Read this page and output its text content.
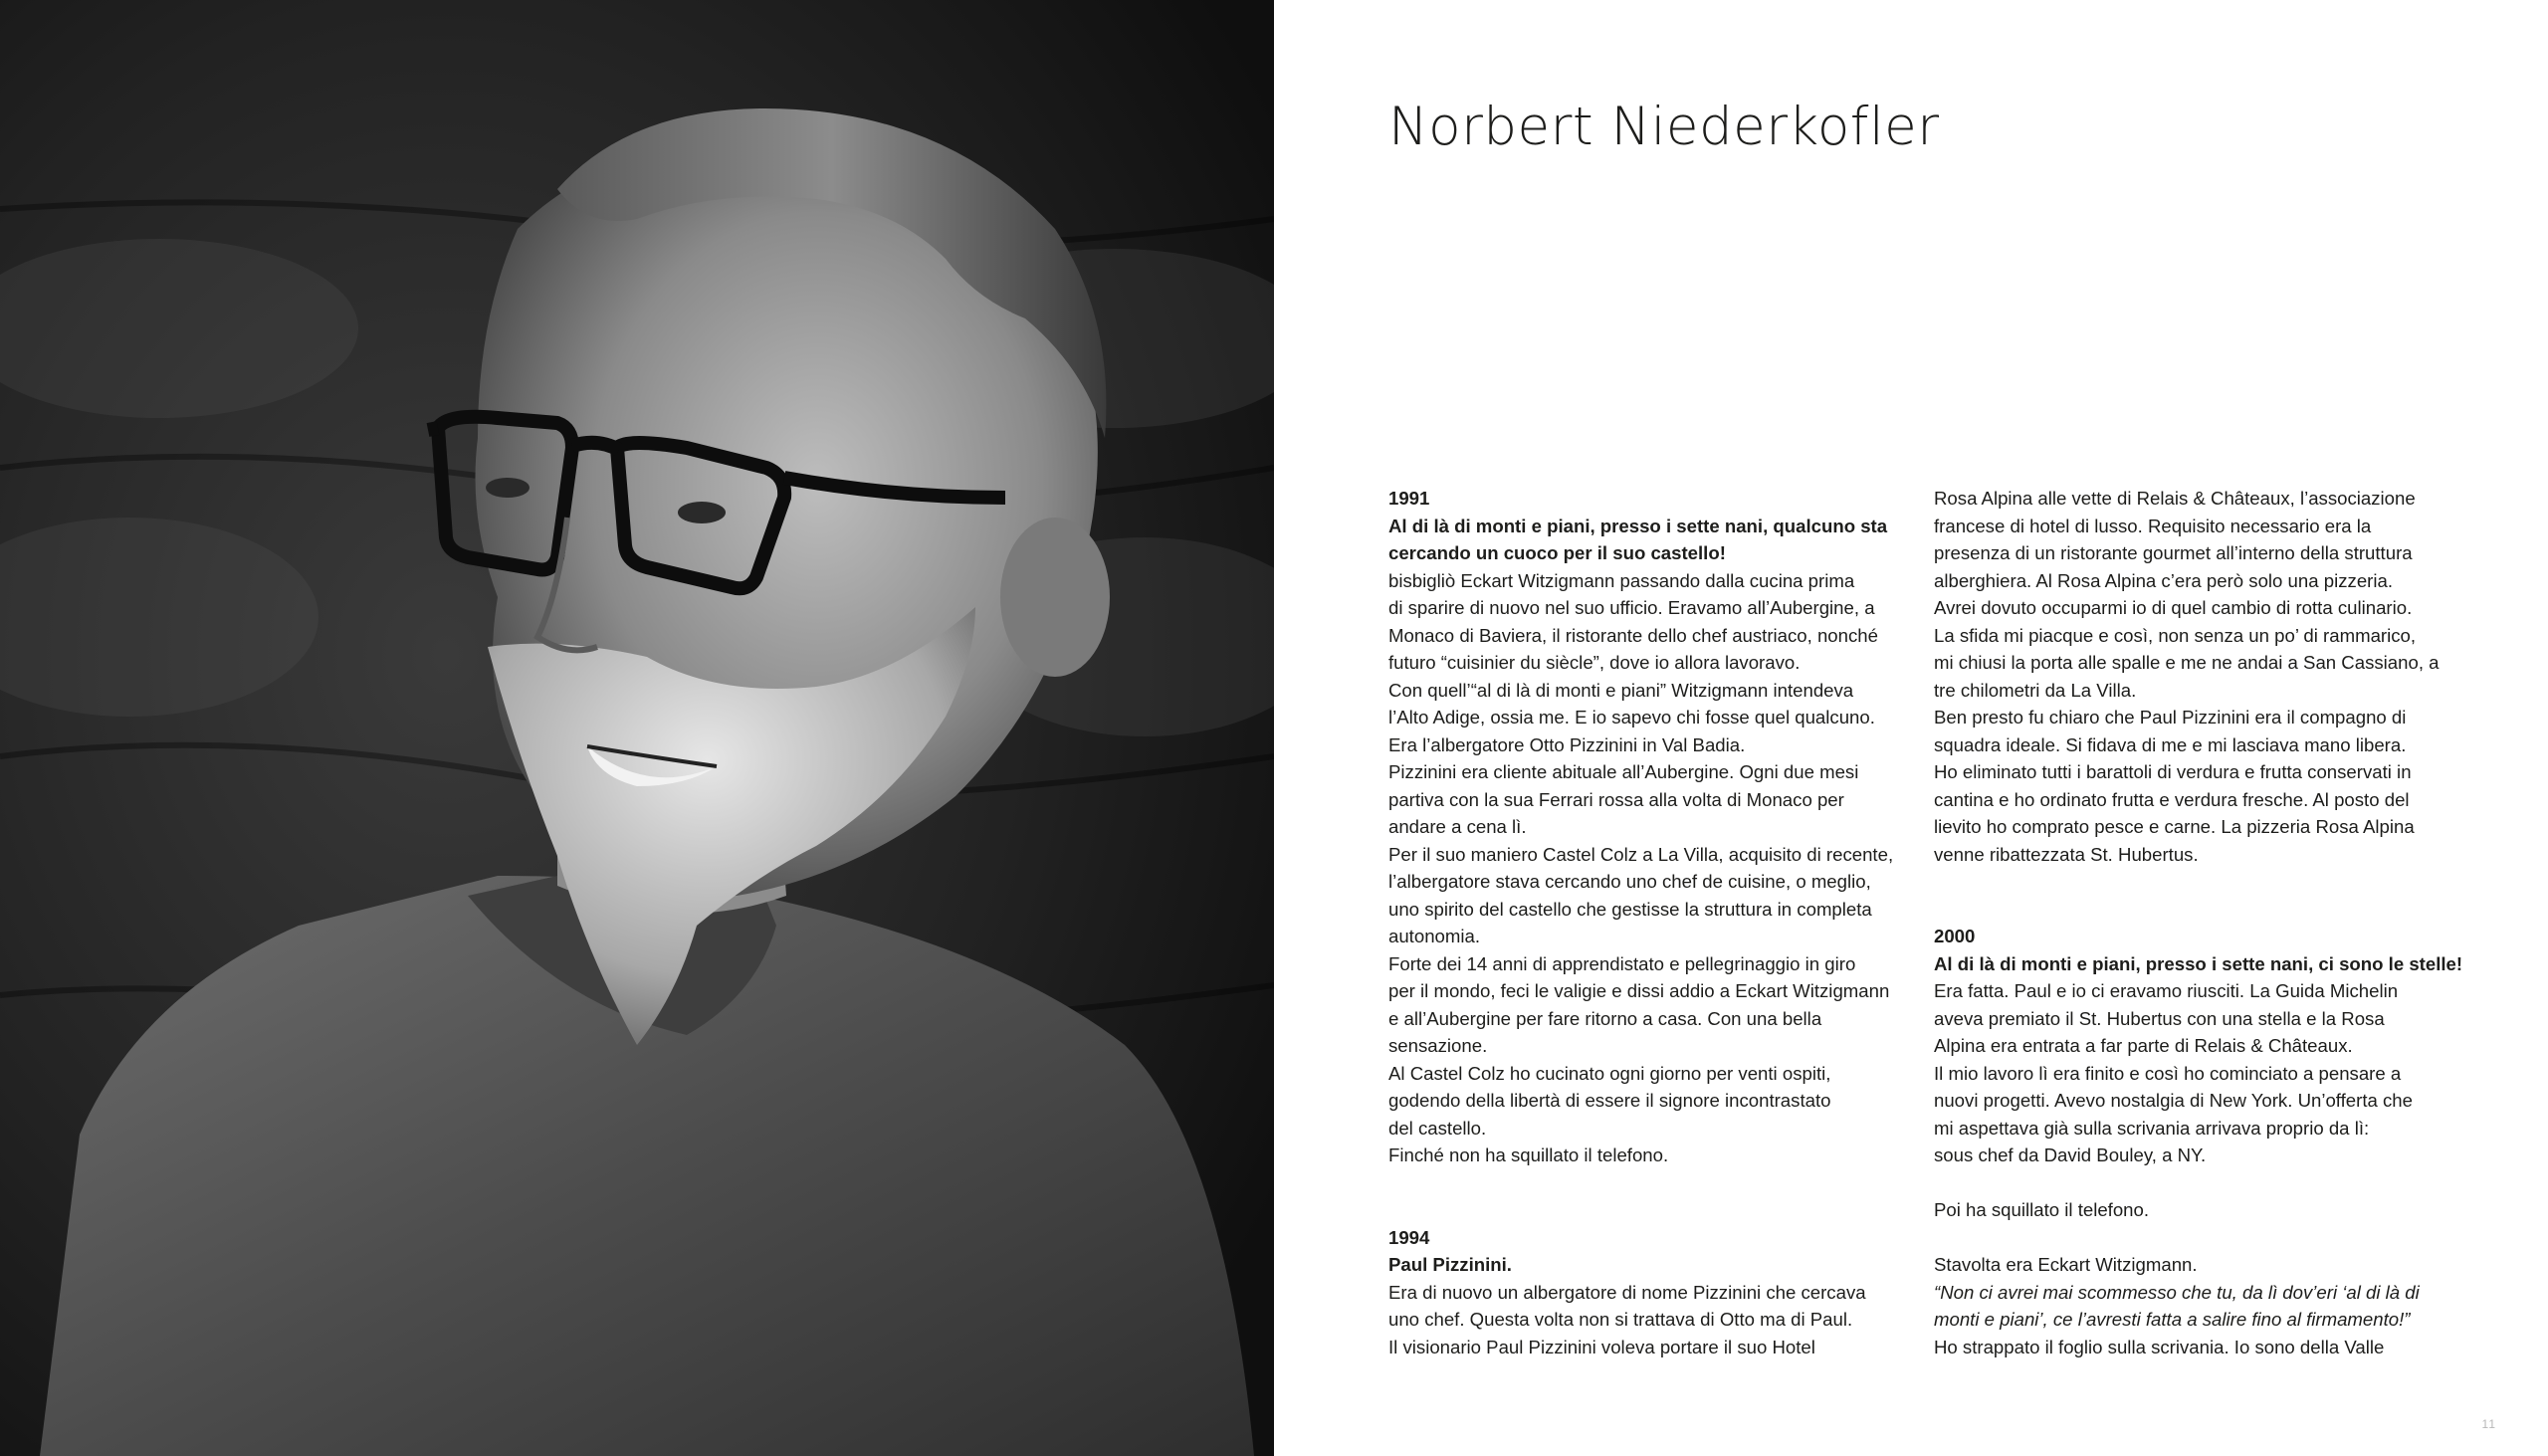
Norbert Niederkofler
1991
Al di là di monti e piani, presso i sette nani, qualcuno sta
cercando un cuoco per il suo castello!
bisbigliò Eckart Witzigmann passando dalla cucina prima
di sparire di nuovo nel suo ufficio. Eravamo all’Aubergine, a
Monaco di Baviera, il ristorante dello chef austriaco, nonché
futuro “cuisinier du siècle”, dove io allora lavoravo.
Con quell’“al di là di monti e piani” Witzigmann intendeva
l’Alto Adige, ossia me. E io sapevo chi fosse quel qualcuno.
Era l’albergatore Otto Pizzinini in Val Badia.
Pizzinini era cliente abituale all’Aubergine. Ogni due mesi
partiva con la sua Ferrari rossa alla volta di Monaco per
andare a cena lì.
Per il suo maniero Castel Colz a La Villa, acquisito di recente,
l’albergatore stava cercando uno chef de cuisine, o meglio,
uno spirito del castello che gestisse la struttura in completa
autonomia.
Forte dei 14 anni di apprendistato e pellegrinaggio in giro
per il mondo, feci le valigie e dissi addio a Eckart Witzigmann
e all’Aubergine per fare ritorno a casa. Con una bella
sensazione.
Al Castel Colz ho cucinato ogni giorno per venti ospiti,
godendo della libertà di essere il signore incontrastato
del castello.
Finché non ha squillato il telefono.
1994
Paul Pizzinini.
Era di nuovo un albergatore di nome Pizzinini che cercava
uno chef. Questa volta non si trattava di Otto ma di Paul.
Il visionario Paul Pizzinini voleva portare il suo Hotel
Rosa Alpina alle vette di Relais & Châteaux, l’associazione
francese di hotel di lusso. Requisito necessario era la
presenza di un ristorante gourmet all’interno della struttura
alberghiera. Al Rosa Alpina c’era però solo una pizzeria.
Avrei dovuto occuparmi io di quel cambio di rotta culinario.
La sfida mi piacque e così, non senza un po’ di rammarico,
mi chiusi la porta alle spalle e me ne andai a San Cassiano, a
tre chilometri da La Villa.
Ben presto fu chiaro che Paul Pizzinini era il compagno di
squadra ideale. Si fidava di me e mi lasciava mano libera.
Ho eliminato tutti i barattoli di verdura e frutta conservati in
cantina e ho ordinato frutta e verdura fresche. Al posto del
lievito ho comprato pesce e carne. La pizzeria Rosa Alpina
venne ribattezzata St. Hubertus.
2000
Al di là di monti e piani, presso i sette nani, ci sono le stelle!
Era fatta. Paul e io ci eravamo riusciti. La Guida Michelin
aveva premiato il St. Hubertus con una stella e la Rosa
Alpina era entrata a far parte di Relais & Châteaux.
Il mio lavoro lì era finito e così ho cominciato a pensare a
nuovi progetti. Avevo nostalgia di New York. Un’offerta che
mi aspettava già sulla scrivania arrivava proprio da lì:
sous chef da David Bouley, a NY.
Poi ha squillato il telefono.
Stavolta era Eckart Witzigmann.
“Non ci avrei mai scommesso che tu, da lì dov’eri ‘al di là di
monti e piani’, ce l’avresti fatta a salire fino al firmamento!”
Ho strappato il foglio sulla scrivania. Io sono della Valle
11
